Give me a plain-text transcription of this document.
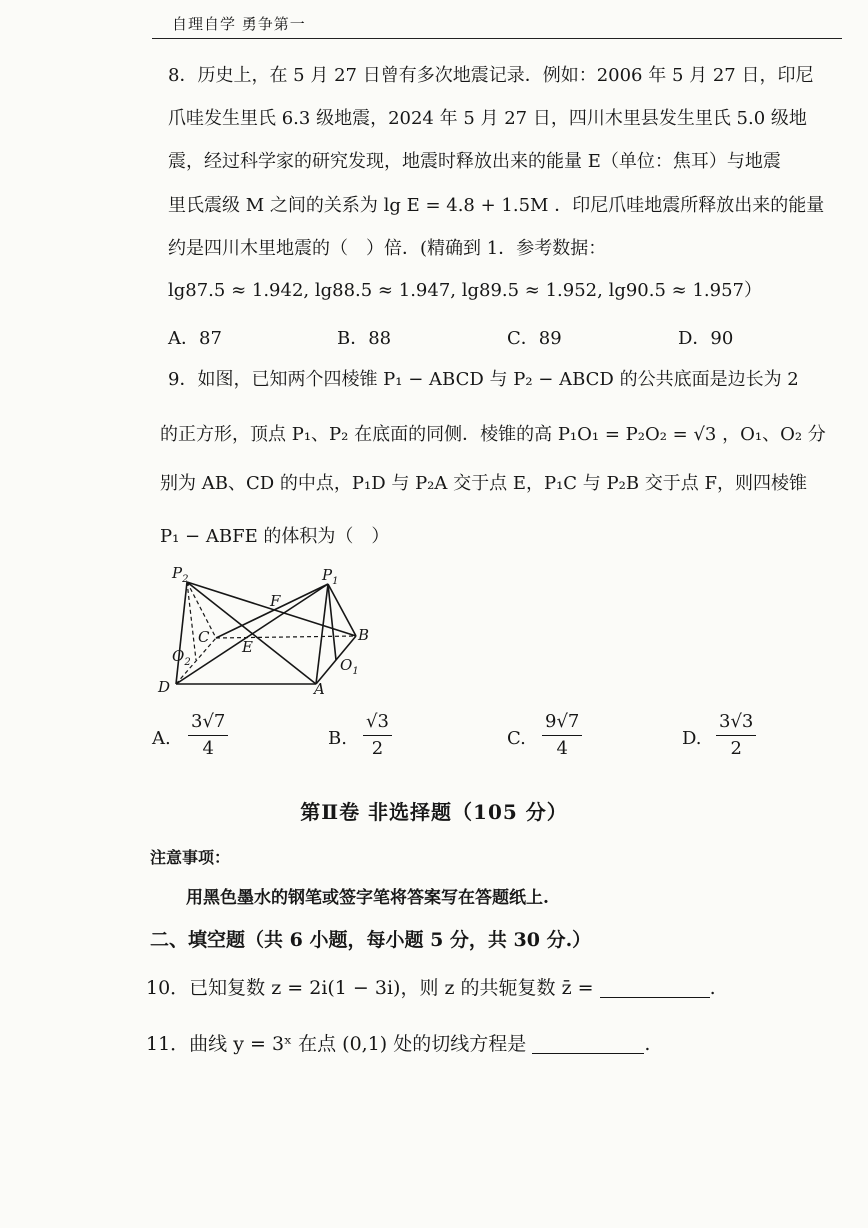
自理自学 勇争第一
8．历史上，在 5 月 27 日曾有多次地震记录．例如：2006 年 5 月 27 日，印尼
爪哇发生里氏 6.3 级地震，2024 年 5 月 27 日，四川木里县发生里氏 5.0 级地
震，经过科学家的研究发现，地震时释放出来的能量 E（单位：焦耳）与地震
里氏震级 M 之间的关系为 lg E = 4.8 + 1.5M ．印尼爪哇地震所释放出来的能量
约是四川木里地震的（　）倍．(精确到 1．参考数据：
lg87.5 ≈ 1.942, lg88.5 ≈ 1.947, lg89.5 ≈ 1.952, lg90.5 ≈ 1.957）
A．87	B．88	C．89	D．90
9．如图，已知两个四棱锥 P₁ − ABCD 与 P₂ − ABCD 的公共底面是边长为 2
的正方形，顶点 P₁、P₂ 在底面的同侧．棱锥的高 P₁O₁ = P₂O₂ = √3 ，O₁、O₂ 分
别为 AB、CD 的中点，P₁D 与 P₂A 交于点 E，P₁C 与 P₂B 交于点 F，则四棱锥
P₁ − ABFE 的体积为（　）
$P_2$	$P_1$
F
C	B
E
$O_2$	$O_1$
D	A
A. $\frac{3√7}{4}$	B. $\frac{√3}{2}$	C. $\frac{9√7}{4}$	D. $\frac{3√3}{2}$
第Ⅱ卷 非选择题（105 分）
注意事项：
用黑色墨水的钢笔或签字笔将答案写在答题纸上.
二、填空题（共 6 小题，每小题 5 分，共 30 分.）
10．已知复数 z = 2i(1 − 3i)，则 z 的共轭复数 z̄ =	.
11．曲线 y = 3ˣ 在点 (0,1) 处的切线方程是	.
